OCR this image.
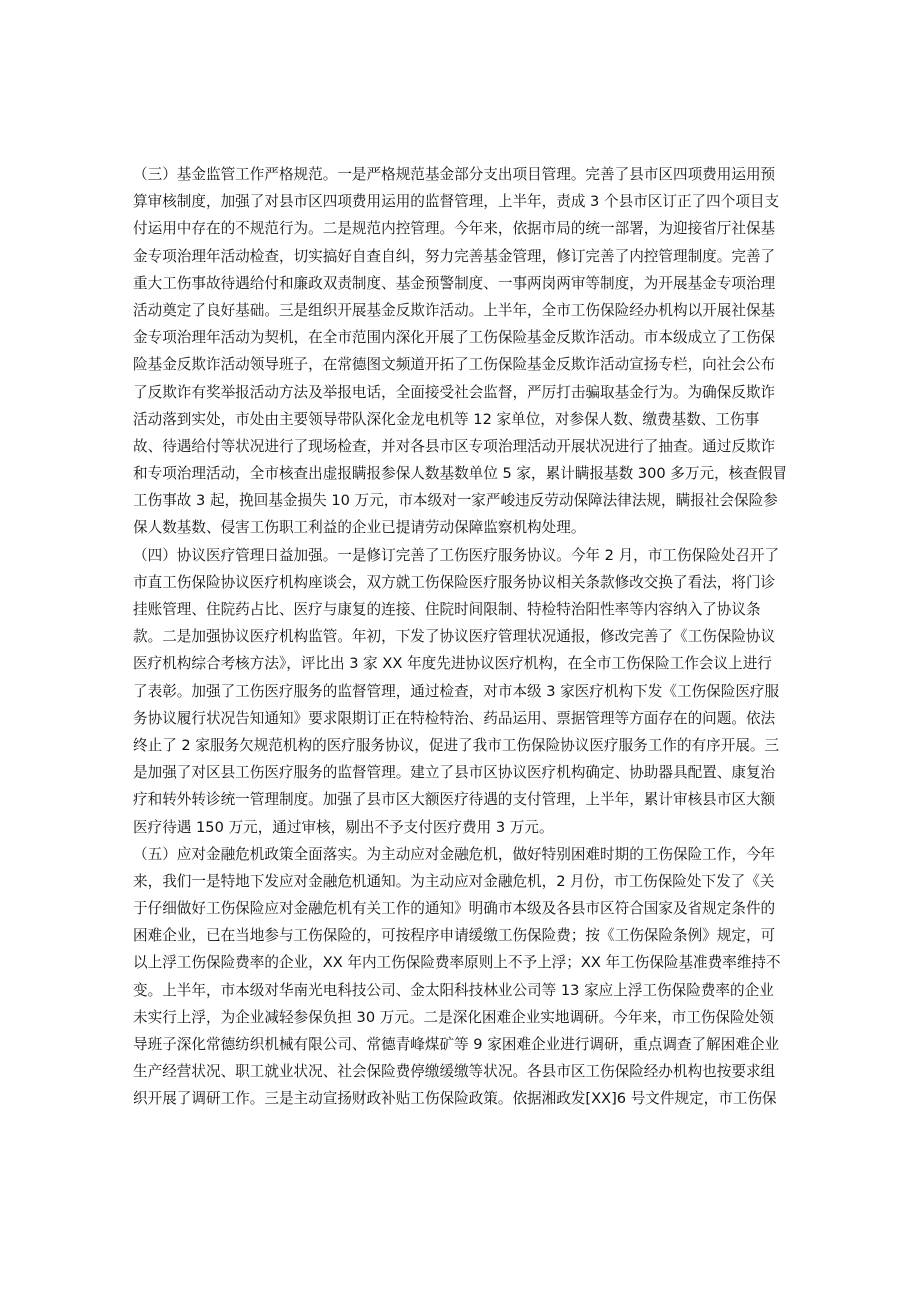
（三）基金监管工作严格规范。一是严格规范基金部分支出项目管理。完善了县市区四项费用运用预
算审核制度，加强了对县市区四项费用运用的监督管理，上半年，责成 3 个县市区订正了四个项目支
付运用中存在的不规范行为。二是规范内控管理。今年来，依据市局的统一部署，为迎接省厅社保基
金专项治理年活动检查，切实搞好自查自纠，努力完善基金管理，修订完善了内控管理制度。完善了
重大工伤事故待遇给付和廉政双责制度、基金预警制度、一事两岗两审等制度，为开展基金专项治理
活动奠定了良好基础。三是组织开展基金反欺诈活动。上半年，全市工伤保险经办机构以开展社保基
金专项治理年活动为契机，在全市范围内深化开展了工伤保险基金反欺诈活动。市本级成立了工伤保
险基金反欺诈活动领导班子，在常德图文频道开拓了工伤保险基金反欺诈活动宣扬专栏，向社会公布
了反欺诈有奖举报活动方法及举报电话，全面接受社会监督，严厉打击骗取基金行为。为确保反欺诈
活动落到实处，市处由主要领导带队深化金龙电机等 12 家单位，对参保人数、缴费基数、工伤事
故、待遇给付等状况进行了现场检查，并对各县市区专项治理活动开展状况进行了抽查。通过反欺诈
和专项治理活动，全市核查出虚报瞒报参保人数基数单位 5 家，累计瞒报基数 300 多万元，核查假冒
工伤事故 3 起，挽回基金损失 10 万元，市本级对一家严峻违反劳动保障法律法规，瞒报社会保险参
保人数基数、侵害工伤职工利益的企业已提请劳动保障监察机构处理。
（四）协议医疗管理日益加强。一是修订完善了工伤医疗服务协议。今年 2 月，市工伤保险处召开了
市直工伤保险协议医疗机构座谈会，双方就工伤保险医疗服务协议相关条款修改交换了看法，将门诊
挂账管理、住院药占比、医疗与康复的连接、住院时间限制、特检特治阳性率等内容纳入了协议条
款。二是加强协议医疗机构监管。年初，下发了协议医疗管理状况通报，修改完善了《工伤保险协议
医疗机构综合考核方法》，评比出 3 家 XX 年度先进协议医疗机构，在全市工伤保险工作会议上进行
了表彰。加强了工伤医疗服务的监督管理，通过检查，对市本级 3 家医疗机构下发《工伤保险医疗服
务协议履行状况告知通知》要求限期订正在特检特治、药品运用、票据管理等方面存在的问题。依法
终止了 2 家服务欠规范机构的医疗服务协议，促进了我市工伤保险协议医疗服务工作的有序开展。三
是加强了对区县工伤医疗服务的监督管理。建立了县市区协议医疗机构确定、协助器具配置、康复治
疗和转外转诊统一管理制度。加强了县市区大额医疗待遇的支付管理，上半年，累计审核县市区大额
医疗待遇 150 万元，通过审核，剔出不予支付医疗费用 3 万元。
（五）应对金融危机政策全面落实。为主动应对金融危机，做好特别困难时期的工伤保险工作，今年
来，我们一是特地下发应对金融危机通知。为主动应对金融危机，2 月份，市工伤保险处下发了《关
于仔细做好工伤保险应对金融危机有关工作的通知》明确市本级及各县市区符合国家及省规定条件的
困难企业，已在当地参与工伤保险的，可按程序申请缓缴工伤保险费；按《工伤保险条例》规定，可
以上浮工伤保险费率的企业，XX 年内工伤保险费率原则上不予上浮；XX 年工伤保险基准费率维持不
变。上半年，市本级对华南光电科技公司、金太阳科技林业公司等 13 家应上浮工伤保险费率的企业
未实行上浮，为企业减轻参保负担 30 万元。二是深化困难企业实地调研。今年来，市工伤保险处领
导班子深化常德纺织机械有限公司、常德青峰煤矿等 9 家困难企业进行调研，重点调查了解困难企业
生产经营状况、职工就业状况、社会保险费停缴缓缴等状况。各县市区工伤保险经办机构也按要求组
织开展了调研工作。三是主动宣扬财政补贴工伤保险政策。依据湘政发[XX]6 号文件规定，市工伤保
